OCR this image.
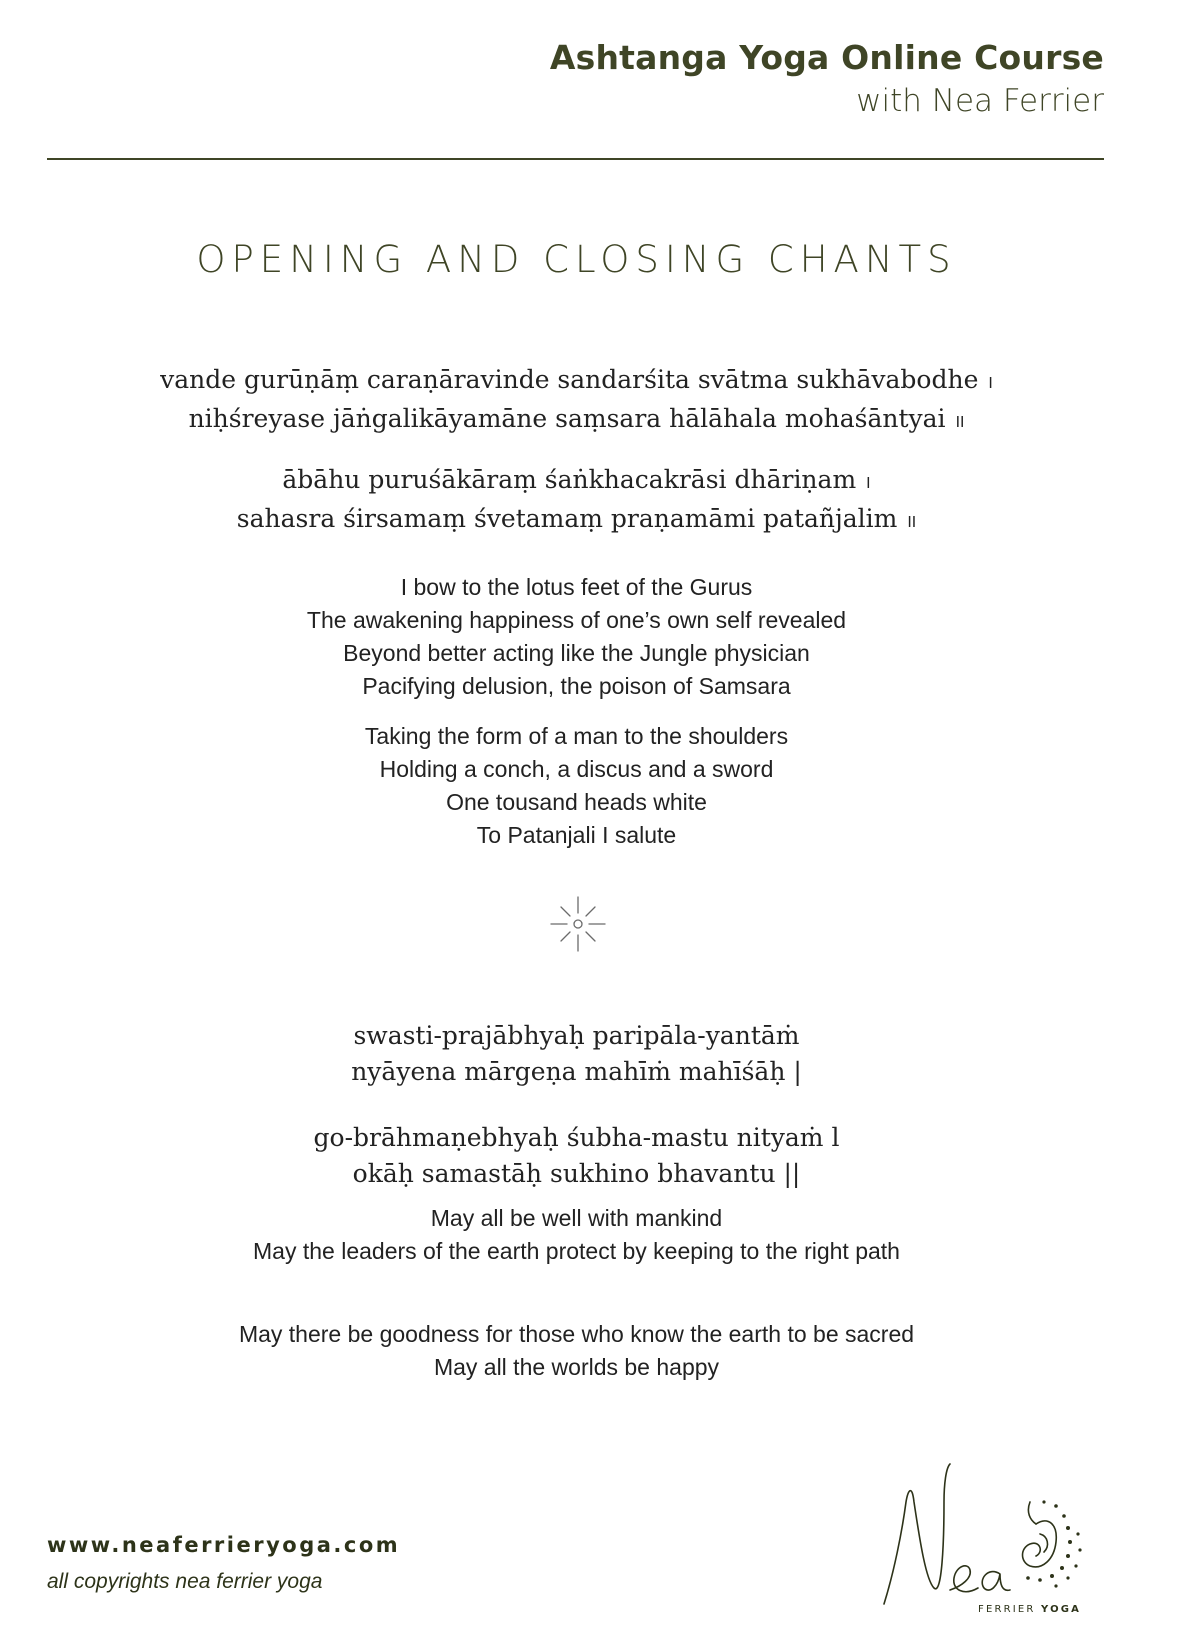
Ashtanga Yoga Online Course
with Nea Ferrier
OPENING AND CLOSING CHANTS
vande gurūṇāṃ caraṇāravinde sandarśita svātma sukhāvabodhe I
niḥśreyase jāṅgalikāyamāne saṃsara hālāhala mohaśāntyai II
ābāhu puruśākāraṃ śaṅkhacakrāsi dhāriṇam I
sahasra śirsamaṃ śvetamaṃ praṇamāmi patañjalim II
I bow to the lotus feet of the Gurus
The awakening happiness of one’s own self revealed
Beyond better acting like the Jungle physician
Pacifying delusion, the poison of Samsara
Taking the form of a man to the shoulders
Holding a conch, a discus and a sword
One tousand heads white
To Patanjali I salute
swasti-prajābhyaḥ paripāla-yantāṁ
nyāyena mārgeṇa mahīṁ mahīśāḥ |
go-brāhmaṇebhyaḥ śubha-mastu nityaṁ l
okāḥ samastāḥ sukhino bhavantu ||
May all be well with mankind
May the leaders of the earth protect by keeping to the right path
May there be goodness for those who know the earth to be sacred
May all the worlds be happy
www.neaferrieryoga.com
all copyrights nea ferrier yoga
FERRIER YOGA
